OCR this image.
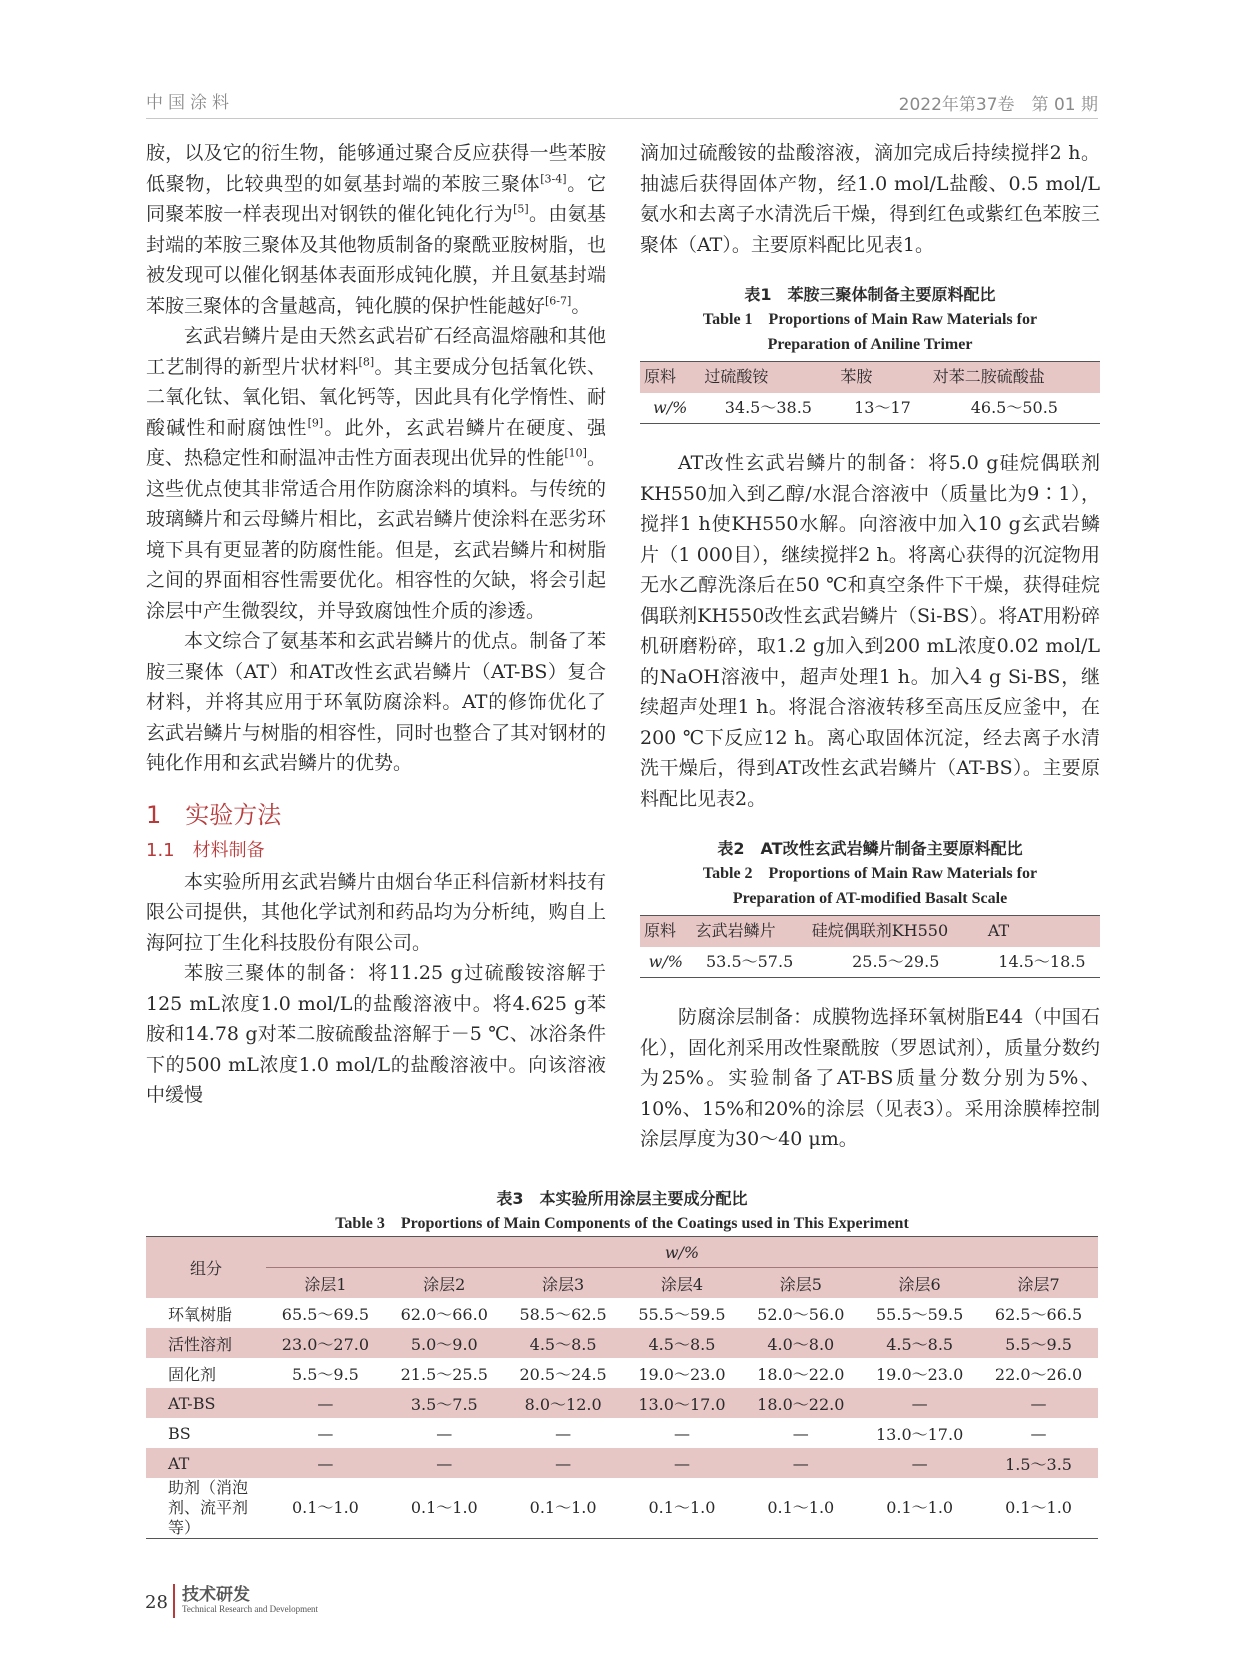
中国涂料	2022年第37卷　第 01 期

胺，以及它的衍生物，能够通过聚合反应获得一些苯胺低聚物，比较典型的如氨基封端的苯胺三聚体[3-4]。它同聚苯胺一样表现出对钢铁的催化钝化行为[5]。由氨基封端的苯胺三聚体及其他物质制备的聚酰亚胺树脂，也被发现可以催化钢基体表面形成钝化膜，并且氨基封端苯胺三聚体的含量越高，钝化膜的保护性能越好[6-7]。

玄武岩鳞片是由天然玄武岩矿石经高温熔融和其他工艺制得的新型片状材料[8]。其主要成分包括氧化铁、二氧化钛、氧化铝、氧化钙等，因此具有化学惰性、耐酸碱性和耐腐蚀性[9]。此外，玄武岩鳞片在硬度、强度、热稳定性和耐温冲击性方面表现出优异的性能[10]。这些优点使其非常适合用作防腐涂料的填料。与传统的玻璃鳞片和云母鳞片相比，玄武岩鳞片使涂料在恶劣环境下具有更显著的防腐性能。但是，玄武岩鳞片和树脂之间的界面相容性需要优化。相容性的欠缺，将会引起涂层中产生微裂纹，并导致腐蚀性介质的渗透。

本文综合了氨基苯和玄武岩鳞片的优点。制备了苯胺三聚体（AT）和AT改性玄武岩鳞片（AT-BS）复合材料，并将其应用于环氧防腐涂料。AT的修饰优化了玄武岩鳞片与树脂的相容性，同时也整合了其对钢材的钝化作用和玄武岩鳞片的优势。

1　实验方法
1.1　材料制备

本实验所用玄武岩鳞片由烟台华正科信新材料技有限公司提供，其他化学试剂和药品均为分析纯，购自上海阿拉丁生化科技股份有限公司。

苯胺三聚体的制备：将11.25 g过硫酸铵溶解于125 mL浓度1.0 mol/L的盐酸溶液中。将4.625 g苯胺和14.78 g对苯二胺硫酸盐溶解于－5 ℃、冰浴条件下的500 mL浓度1.0 mol/L的盐酸溶液中。向该溶液中缓慢

滴加过硫酸铵的盐酸溶液，滴加完成后持续搅拌2 h。抽滤后获得固体产物，经1.0 mol/L盐酸、0.5 mol/L氨水和去离子水清洗后干燥，得到红色或紫红色苯胺三聚体（AT）。主要原料配比见表1。

表1　苯胺三聚体制备主要原料配比
Table 1　Proportions of Main Raw Materials for
Preparation of Aniline Trimer
原料	过硫酸铵	苯胺	对苯二胺硫酸盐
w/%	34.5～38.5	13～17	46.5～50.5

AT改性玄武岩鳞片的制备：将5.0 g硅烷偶联剂KH550加入到乙醇/水混合溶液中（质量比为9∶1），搅拌1 h使KH550水解。向溶液中加入10 g玄武岩鳞片（1 000目），继续搅拌2 h。将离心获得的沉淀物用无水乙醇洗涤后在50 ℃和真空条件下干燥，获得硅烷偶联剂KH550改性玄武岩鳞片（Si-BS）。将AT用粉碎机研磨粉碎，取1.2 g加入到200 mL浓度0.02 mol/L的NaOH溶液中，超声处理1 h。加入4 g Si-BS，继续超声处理1 h。将混合溶液转移至高压反应釜中，在200 ℃下反应12 h。离心取固体沉淀，经去离子水清洗干燥后，得到AT改性玄武岩鳞片（AT-BS）。主要原料配比见表2。

表2　AT改性玄武岩鳞片制备主要原料配比
Table 2　Proportions of Main Raw Materials for
Preparation of AT-modified Basalt Scale
原料	玄武岩鳞片	硅烷偶联剂KH550	AT
w/%	53.5～57.5	25.5～29.5	14.5～18.5

防腐涂层制备：成膜物选择环氧树脂E44（中国石化），固化剂采用改性聚酰胺（罗恩试剂），质量分数约为25%。实验制备了AT-BS质量分数分别为5%、10%、15%和20%的涂层（见表3）。采用涂膜棒控制涂层厚度为30～40 μm。

表3　本实验所用涂层主要成分配比
Table 3　Proportions of Main Components of the Coatings used in This Experiment
组分	w/%						
	涂层1	涂层2	涂层3	涂层4	涂层5	涂层6	涂层7
环氧树脂	65.5～69.5	62.0～66.0	58.5～62.5	55.5～59.5	52.0～56.0	55.5～59.5	62.5～66.5
活性溶剂	23.0～27.0	5.0～9.0	4.5～8.5	4.5～8.5	4.0～8.0	4.5～8.5	5.5～9.5
固化剂	5.5～9.5	21.5～25.5	20.5～24.5	19.0～23.0	18.0～22.0	19.0～23.0	22.0～26.0
AT-BS	—	3.5～7.5	8.0～12.0	13.0～17.0	18.0～22.0	—	—
BS	—	—	—	—	—	13.0～17.0	—
AT	—	—	—	—	—	—	1.5～3.5
助剂（消泡剂、流平剂等）	0.1～1.0	0.1～1.0	0.1～1.0	0.1～1.0	0.1～1.0	0.1～1.0	0.1～1.0
28 技术研发
Technical Research and Development
